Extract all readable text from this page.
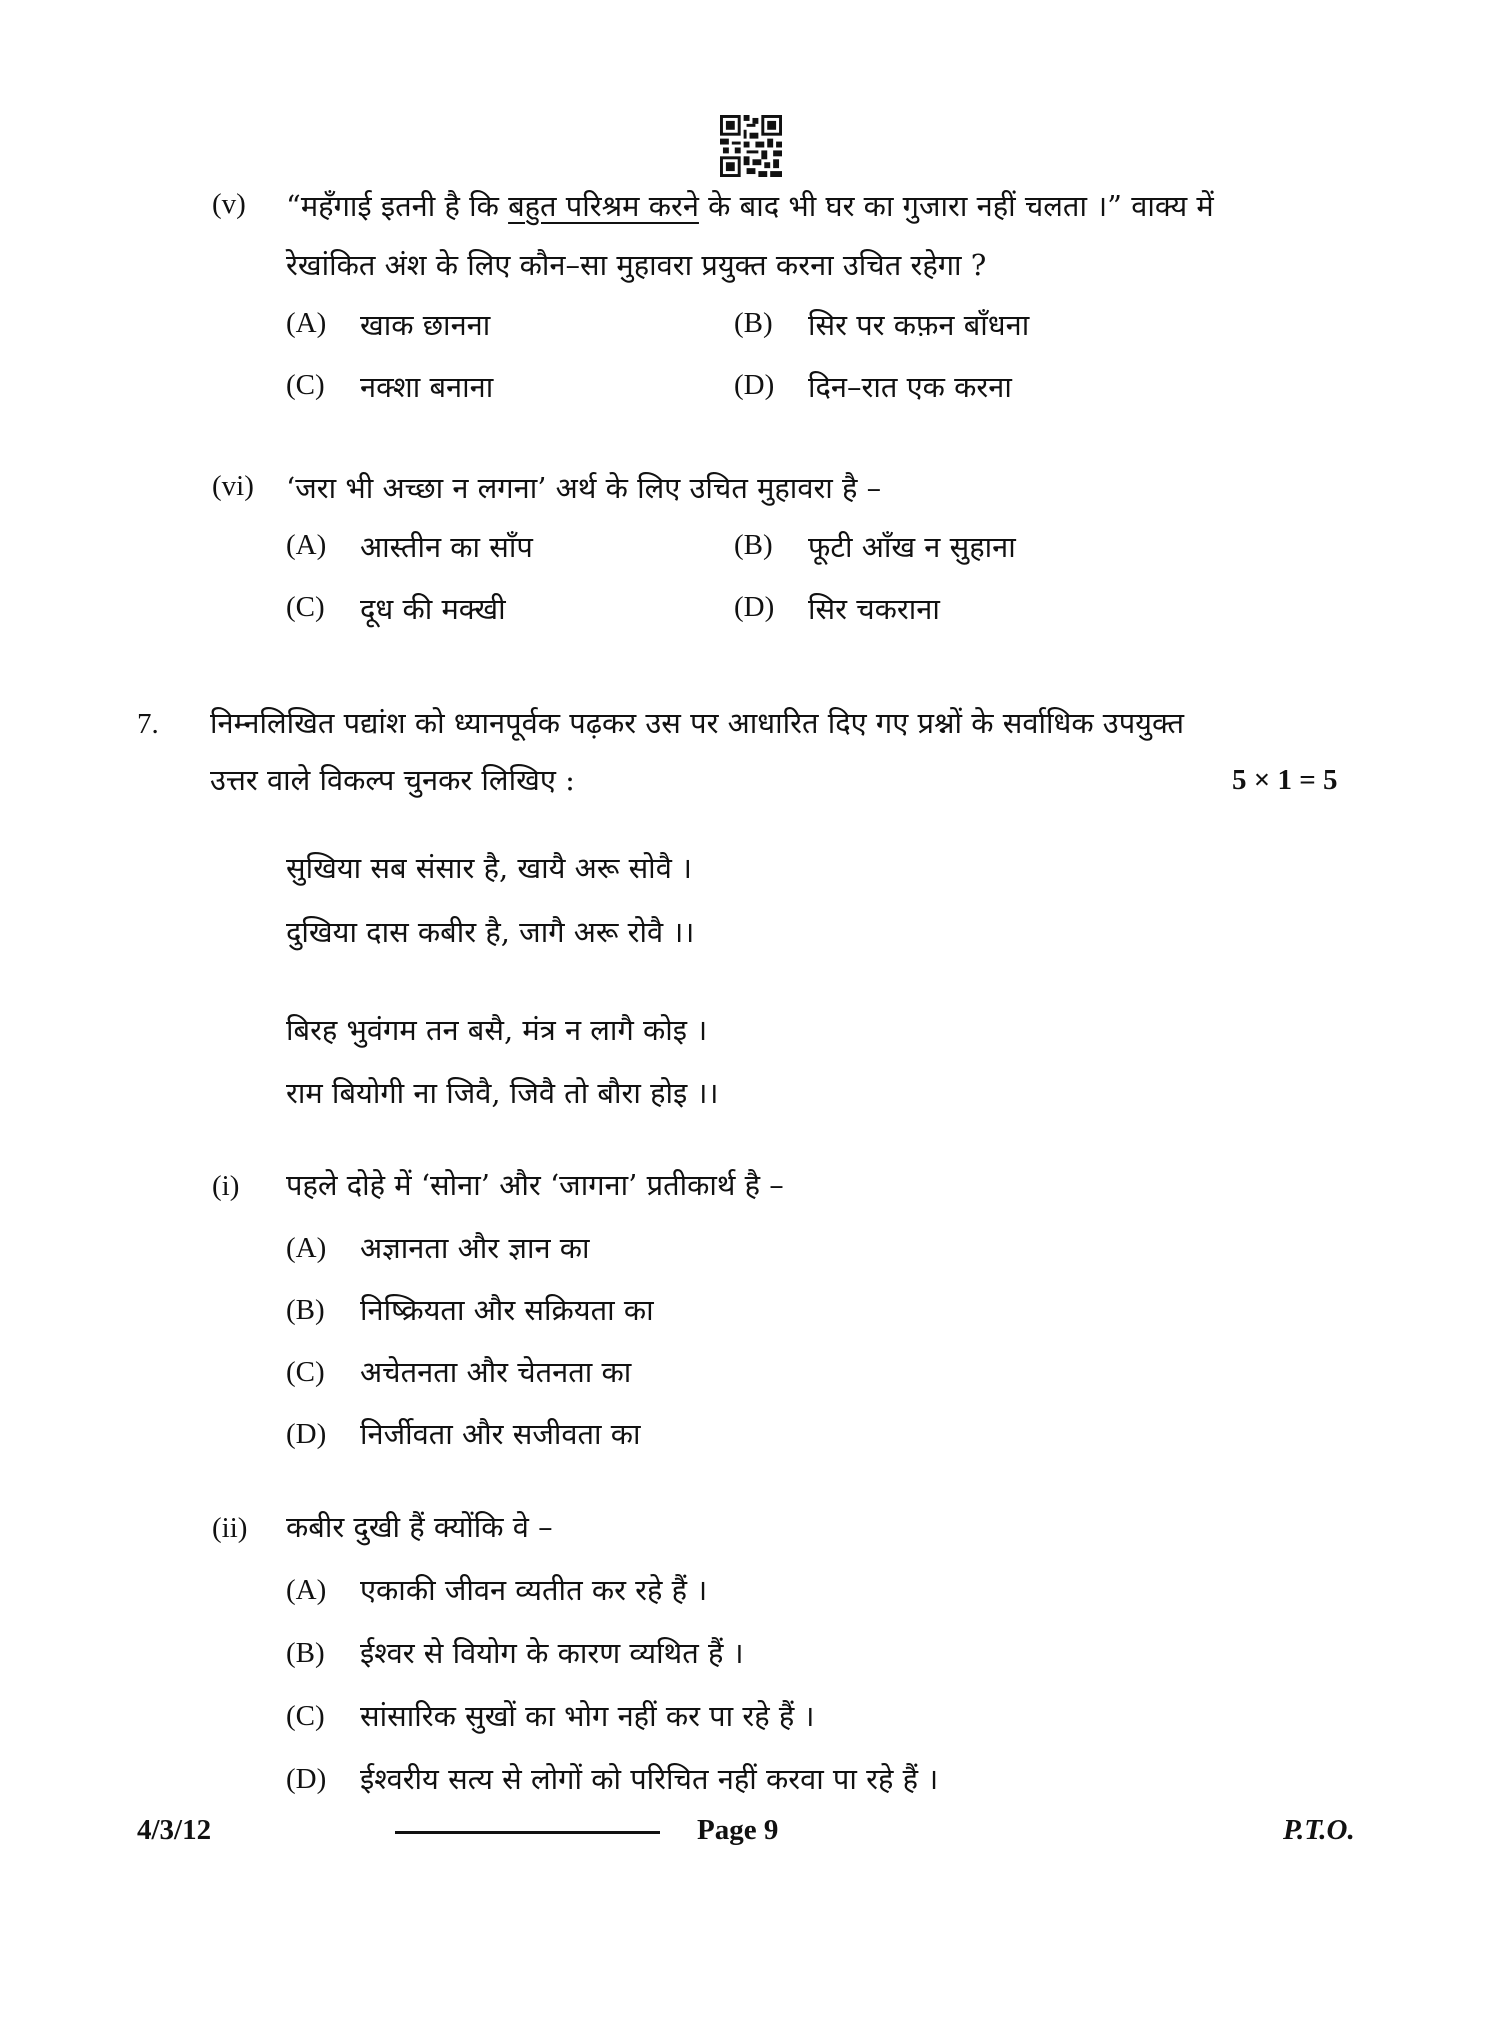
(v) “महँगाई इतनी है कि बहुत परिश्रम करने के बाद भी घर का गुजारा नहीं चलता ।” वाक्य में
रेखांकित अंश के लिए कौन–सा मुहावरा प्रयुक्त करना उचित रहेगा ?
(A) खाक छानना	(B) सिर पर कफ़न बाँधना
(C) नक्शा बनाना	(D) दिन–रात एक करना
(vi) ‘जरा भी अच्छा न लगना’ अर्थ के लिए उचित मुहावरा है –
(A) आस्तीन का साँप	(B) फूटी आँख न सुहाना
(C) दूध की मक्खी	(D) सिर चकराना
7. निम्नलिखित पद्यांश को ध्यानपूर्वक पढ़कर उस पर आधारित दिए गए प्रश्नों के सर्वाधिक उपयुक्त
उत्तर वाले विकल्प चुनकर लिखिए :	5 × 1 = 5
सुखिया सब संसार है, खायै अरू सोवै ।
दुखिया दास कबीर है, जागै अरू रोवै ।।
बिरह भुवंगम तन बसै, मंत्र न लागै कोइ ।
राम बियोगी ना जिवै, जिवै तो बौरा होइ ।।
(i) पहले दोहे में ‘सोना’ और ‘जागना’ प्रतीकार्थ है –
(A) अज्ञानता और ज्ञान का
(B) निष्क्रियता और सक्रियता का
(C) अचेतनता और चेतनता का
(D) निर्जीवता और सजीवता का
(ii) कबीर दुखी हैं क्योंकि वे –
(A) एकाकी जीवन व्यतीत कर रहे हैं ।
(B) ईश्वर से वियोग के कारण व्यथित हैं ।
(C) सांसारिक सुखों का भोग नहीं कर पा रहे हैं ।
(D) ईश्वरीय सत्य से लोगों को परिचित नहीं करवा पा रहे हैं ।
4/3/12	Page 9	P.T.O.
